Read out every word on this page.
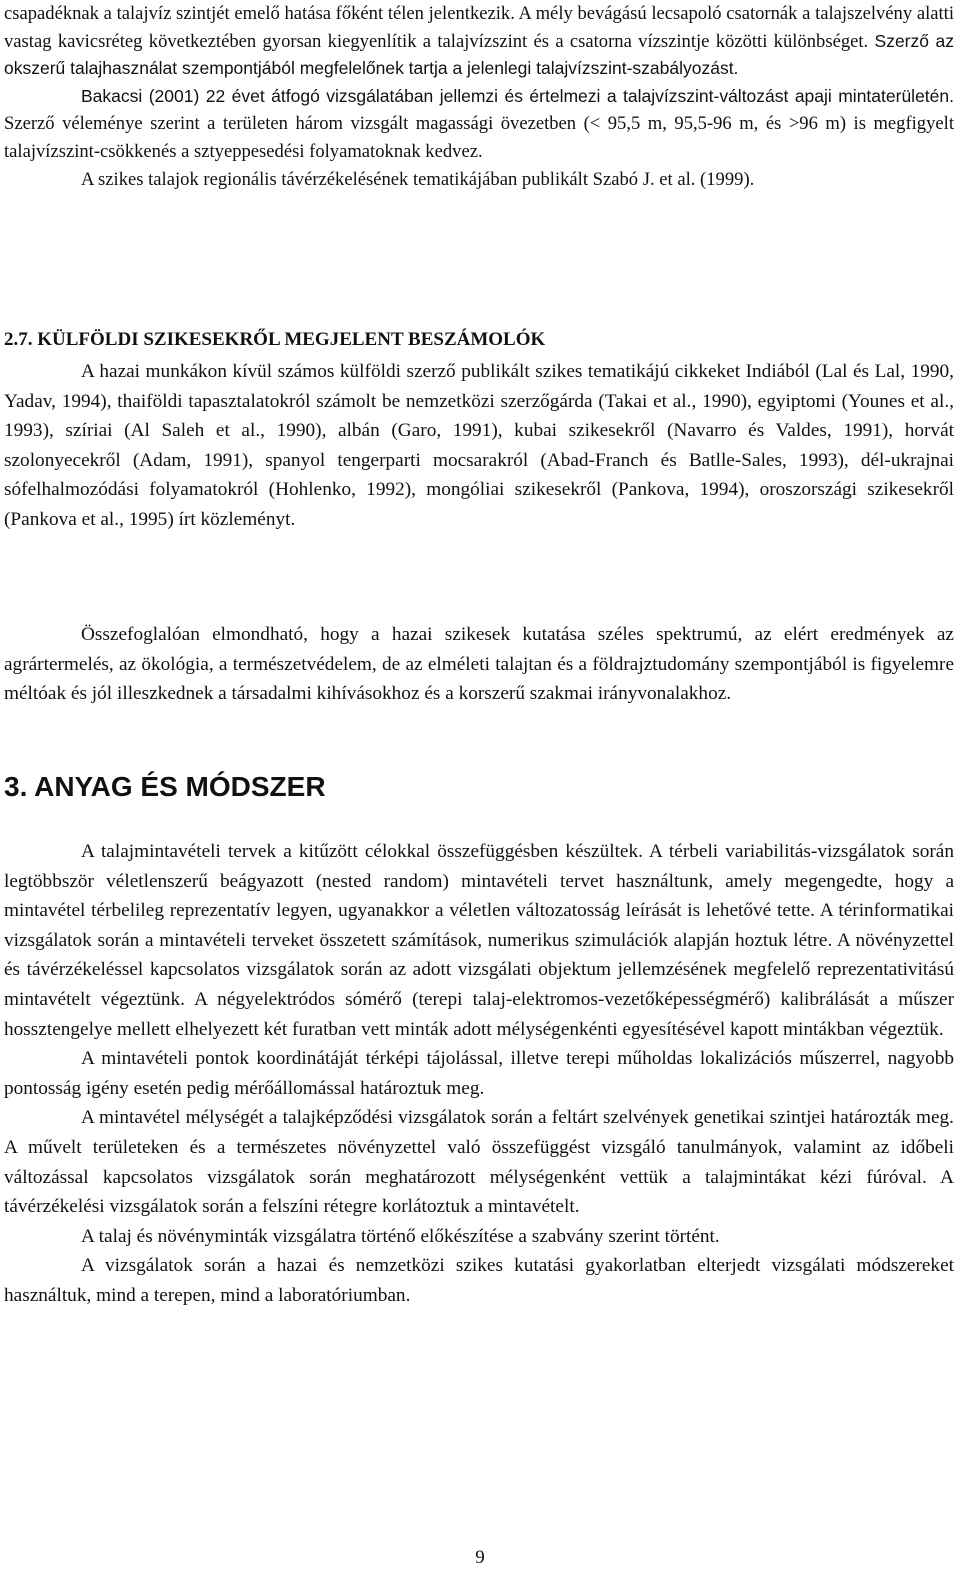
csapadéknak a talajvíz szintjét emelő hatása főként télen jelentkezik. A mély bevágású lecsapoló csatornák a talajszelvény alatti vastag kavicsréteg következtében gyorsan kiegyenlítik a talajvízszint és a csatorna vízszintje közötti különbséget. Szerző az okszerű talajhasználat szempontjából megfelelőnek tartja a jelenlegi talajvízszint-szabályozást.

Bakacsi (2001) 22 évet átfogó vizsgálatában jellemzi és értelmezi a talajvízszint-változást apaji mintaterületén. Szerző véleménye szerint a területen három vizsgált magassági övezetben (< 95,5 m, 95,5-96 m, és >96 m) is megfigyelt talajvízszint-csökkenés a sztyeppesedési folyamatoknak kedvez.

A szikes talajok regionális távérzékelésének tematikájában publikált Szabó J. et al. (1999).

2.7. KÜLFÖLDI SZIKESEKRŐL MEGJELENT BESZÁMOLÓK

A hazai munkákon kívül számos külföldi szerző publikált szikes tematikájú cikkeket Indiából (Lal és Lal, 1990, Yadav, 1994), thaiföldi tapasztalatokról számolt be nemzetközi szerzőgárda (Takai et al., 1990), egyiptomi (Younes et al., 1993), szíriai (Al Saleh et al., 1990), albán (Garo, 1991), kubai szikesekről (Navarro és Valdes, 1991), horvát szolonyecekről (Adam, 1991), spanyol tengerparti mocsarakról (Abad-Franch és Batlle-Sales, 1993), dél-ukrajnai sófelhalmozódási folyamatokról (Hohlenko, 1992), mongóliai szikesekről (Pankova, 1994), oroszországi szikesekről (Pankova et al., 1995) írt közleményt.

Összefoglalóan elmondható, hogy a hazai szikesek kutatása széles spektrumú, az elért eredmények az agrártermelés, az ökológia, a természetvédelem, de az elméleti talajtan és a földrajztudomány szempontjából is figyelemre méltóak és jól illeszkednek a társadalmi kihívásokhoz és a korszerű szakmai irányvonalakhoz.

3. ANYAG ÉS MÓDSZER

A talajmintavételi tervek a kitűzött célokkal összefüggésben készültek. A térbeli variabilitás-vizsgálatok során legtöbbször véletlenszerű beágyazott (nested random) mintavételi tervet használtunk, amely megengedte, hogy a mintavétel térbelileg reprezentatív legyen, ugyanakkor a véletlen változatosság leírását is lehetővé tette. A térinformatikai vizsgálatok során a mintavételi terveket összetett számítások, numerikus szimulációk alapján hoztuk létre. A növényzettel és távérzékeléssel kapcsolatos vizsgálatok során az adott vizsgálati objektum jellemzésének megfelelő reprezentativitású mintavételt végeztünk. A négyelektródos sómérő (terepi talaj-elektromos-vezetőképességmérő) kalibrálását a műszer hossztengelye mellett elhelyezett két furatban vett minták adott mélységenkénti egyesítésével kapott mintákban végeztük.

A mintavételi pontok koordinátáját térképi tájolással, illetve terepi műholdas lokalizációs műszerrel, nagyobb pontosság igény esetén pedig mérőállomással határoztuk meg.

A mintavétel mélységét a talajképződési vizsgálatok során a feltárt szelvények genetikai szintjei határozták meg. A művelt területeken és a természetes növényzettel való összefüggést vizsgáló tanulmányok, valamint az időbeli változással kapcsolatos vizsgálatok során meghatározott mélységenként vettük a talajmintákat kézi fúróval. A távérzékelési vizsgálatok során a felszíni rétegre korlátoztuk a mintavételt.

A talaj és növényminták vizsgálatra történő előkészítése a szabvány szerint történt.

A vizsgálatok során a hazai és nemzetközi szikes kutatási gyakorlatban elterjedt vizsgálati módszereket használtuk, mind a terepen, mind a laboratóriumban.

9
